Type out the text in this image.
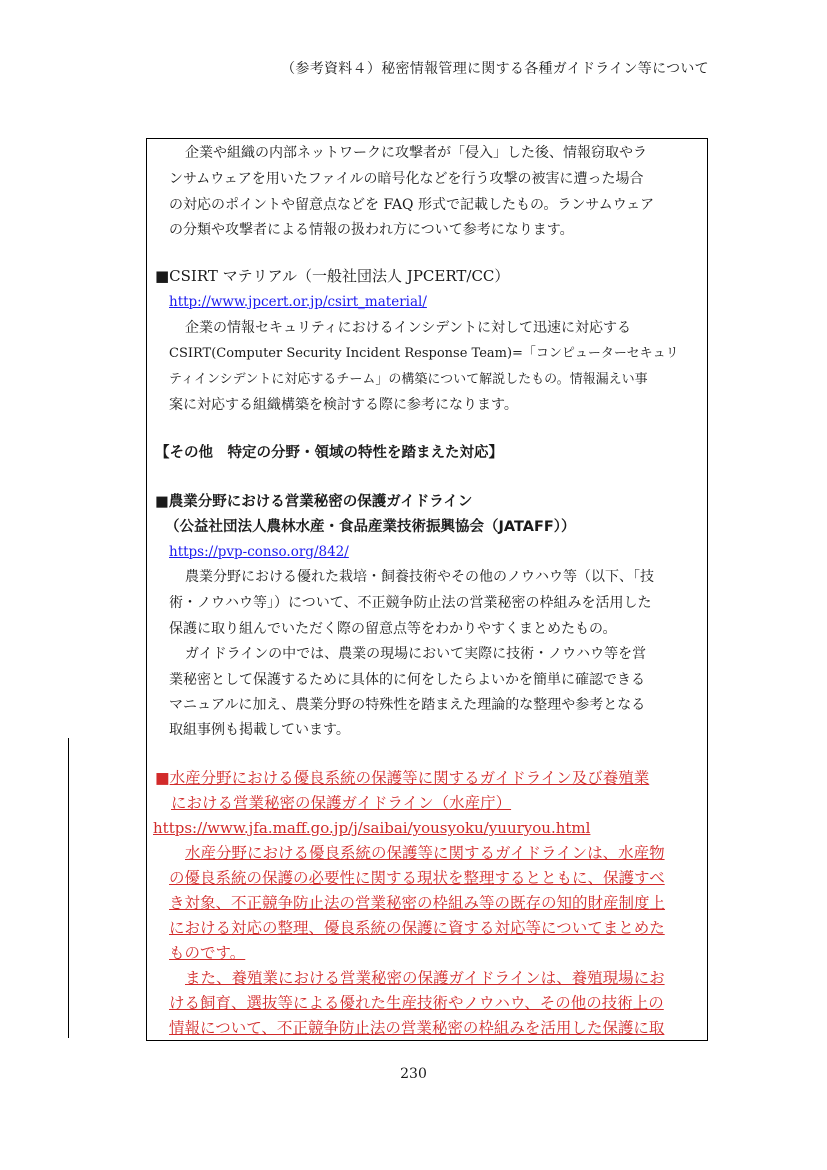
（参考資料４）秘密情報管理に関する各種ガイドライン等について
企業や組織の内部ネットワークに攻撃者が「侵入」した後、情報窃取やラ
ンサムウェアを用いたファイルの暗号化などを行う攻撃の被害に遭った場合
の対応のポイントや留意点などを FAQ 形式で記載したもの。ランサムウェア
の分類や攻撃者による情報の扱われ方について参考になります。
■CSIRT マテリアル（一般社団法人 JPCERT/CC）
http://www.jpcert.or.jp/csirt_material/
企業の情報セキュリティにおけるインシデントに対して迅速に対応する
CSIRT(Computer Security Incident Response Team)=「コンピューターセキュリ
ティインシデントに対応するチーム」の構築について解説したもの。情報漏えい事
案に対応する組織構築を検討する際に参考になります。
【その他　特定の分野・領域の特性を踏まえた対応】
■農業分野における営業秘密の保護ガイドライン
（公益社団法人農林水産・食品産業技術振興協会（JATAFF））
https://pvp-conso.org/842/
農業分野における優れた栽培・飼養技術やその他のノウハウ等（以下、「技
術・ノウハウ等」）について、不正競争防止法の営業秘密の枠組みを活用した
保護に取り組んでいただく際の留意点等をわかりやすくまとめたもの。
ガイドラインの中では、農業の現場において実際に技術・ノウハウ等を営
業秘密として保護するために具体的に何をしたらよいかを簡単に確認できる
マニュアルに加え、農業分野の特殊性を踏まえた理論的な整理や参考となる
取組事例も掲載しています。
■水産分野における優良系統の保護等に関するガイドライン及び養殖業
における営業秘密の保護ガイドライン（水産庁）
https://www.jfa.maff.go.jp/j/saibai/yousyoku/yuuryou.html
水産分野における優良系統の保護等に関するガイドラインは、水産物
の優良系統の保護の必要性に関する現状を整理するとともに、保護すべ
き対象、不正競争防止法の営業秘密の枠組み等の既存の知的財産制度上
における対応の整理、優良系統の保護に資する対応等についてまとめた
ものです。
また、養殖業における営業秘密の保護ガイドラインは、養殖現場にお
ける飼育、選抜等による優れた生産技術やノウハウ、その他の技術上の
情報について、不正競争防止法の営業秘密の枠組みを活用した保護に取
230
